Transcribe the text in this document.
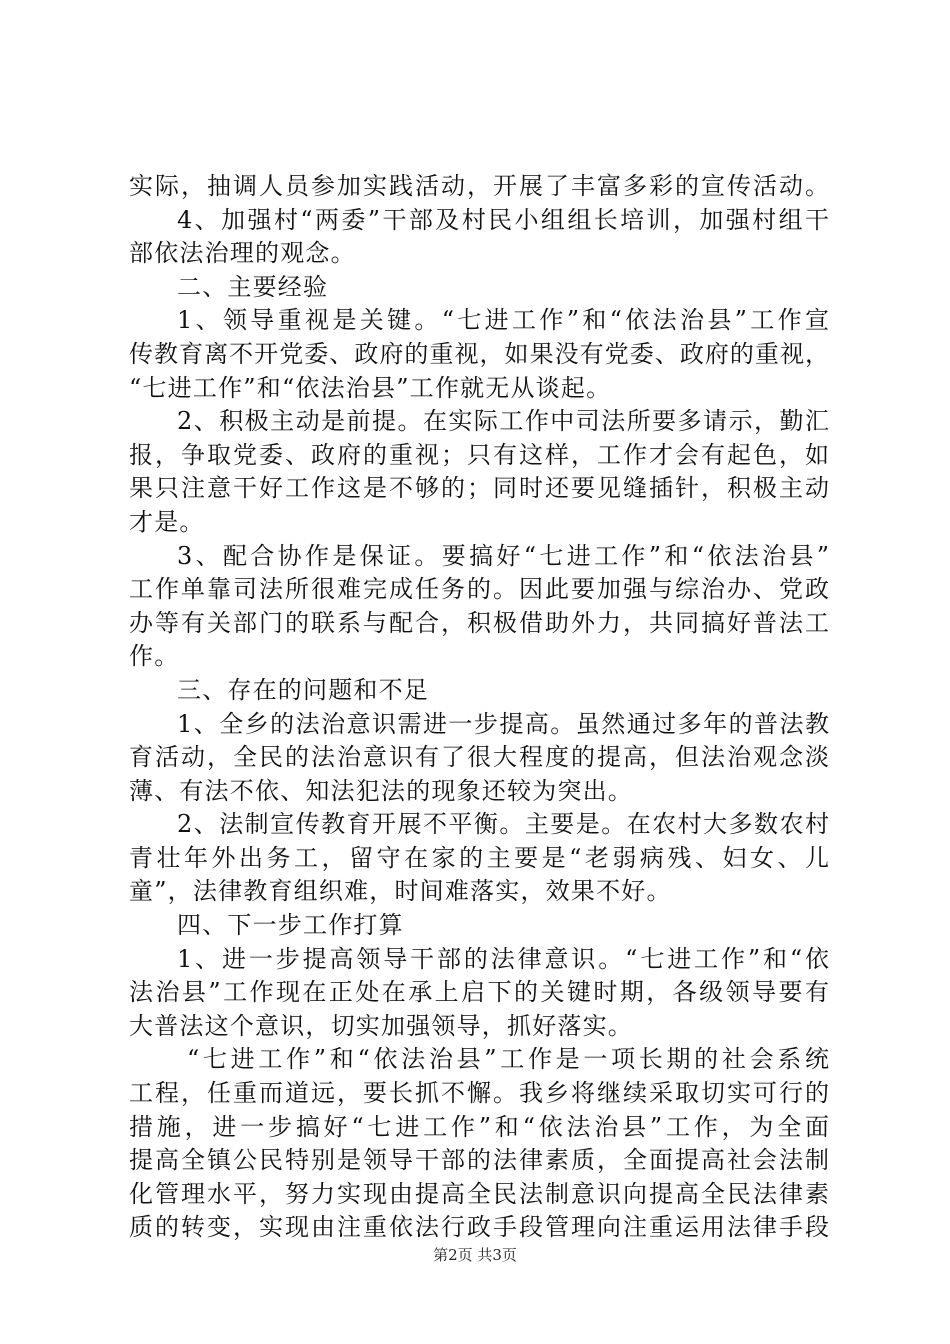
实际，抽调人员参加实践活动，开展了丰富多彩的宣传活动。
4、加强村“两委”干部及村民小组组长培训，加强村组干
部依法治理的观念。
二、主要经验
1、领导重视是关键。“七进工作”和“依法治县”工作宣
传教育离不开党委、政府的重视，如果没有党委、政府的重视，
“七进工作”和“依法治县”工作就无从谈起。
2、积极主动是前提。在实际工作中司法所要多请示，勤汇
报，争取党委、政府的重视；只有这样，工作才会有起色，如
果只注意干好工作这是不够的；同时还要见缝插针，积极主动
才是。
3、配合协作是保证。要搞好“七进工作”和“依法治县”
工作单靠司法所很难完成任务的。因此要加强与综治办、党政
办等有关部门的联系与配合，积极借助外力，共同搞好普法工
作。
三、存在的问题和不足
1、全乡的法治意识需进一步提高。虽然通过多年的普法教
育活动，全民的法治意识有了很大程度的提高，但法治观念淡
薄、有法不依、知法犯法的现象还较为突出。
2、法制宣传教育开展不平衡。主要是。在农村大多数农村
青壮年外出务工，留守在家的主要是“老弱病残、妇女、儿
童”，法律教育组织难，时间难落实，效果不好。
四、下一步工作打算
1、进一步提高领导干部的法律意识。“七进工作”和“依
法治县”工作现在正处在承上启下的关键时期，各级领导要有
大普法这个意识，切实加强领导，抓好落实。
“七进工作”和“依法治县”工作是一项长期的社会系统
工程，任重而道远，要长抓不懈。我乡将继续采取切实可行的
措施，进一步搞好“七进工作”和“依法治县”工作，为全面
提高全镇公民特别是领导干部的法律素质，全面提高社会法制
化管理水平，努力实现由提高全民法制意识向提高全民法律素
质的转变，实现由注重依法行政手段管理向注重运用法律手段
第2页 共3页
